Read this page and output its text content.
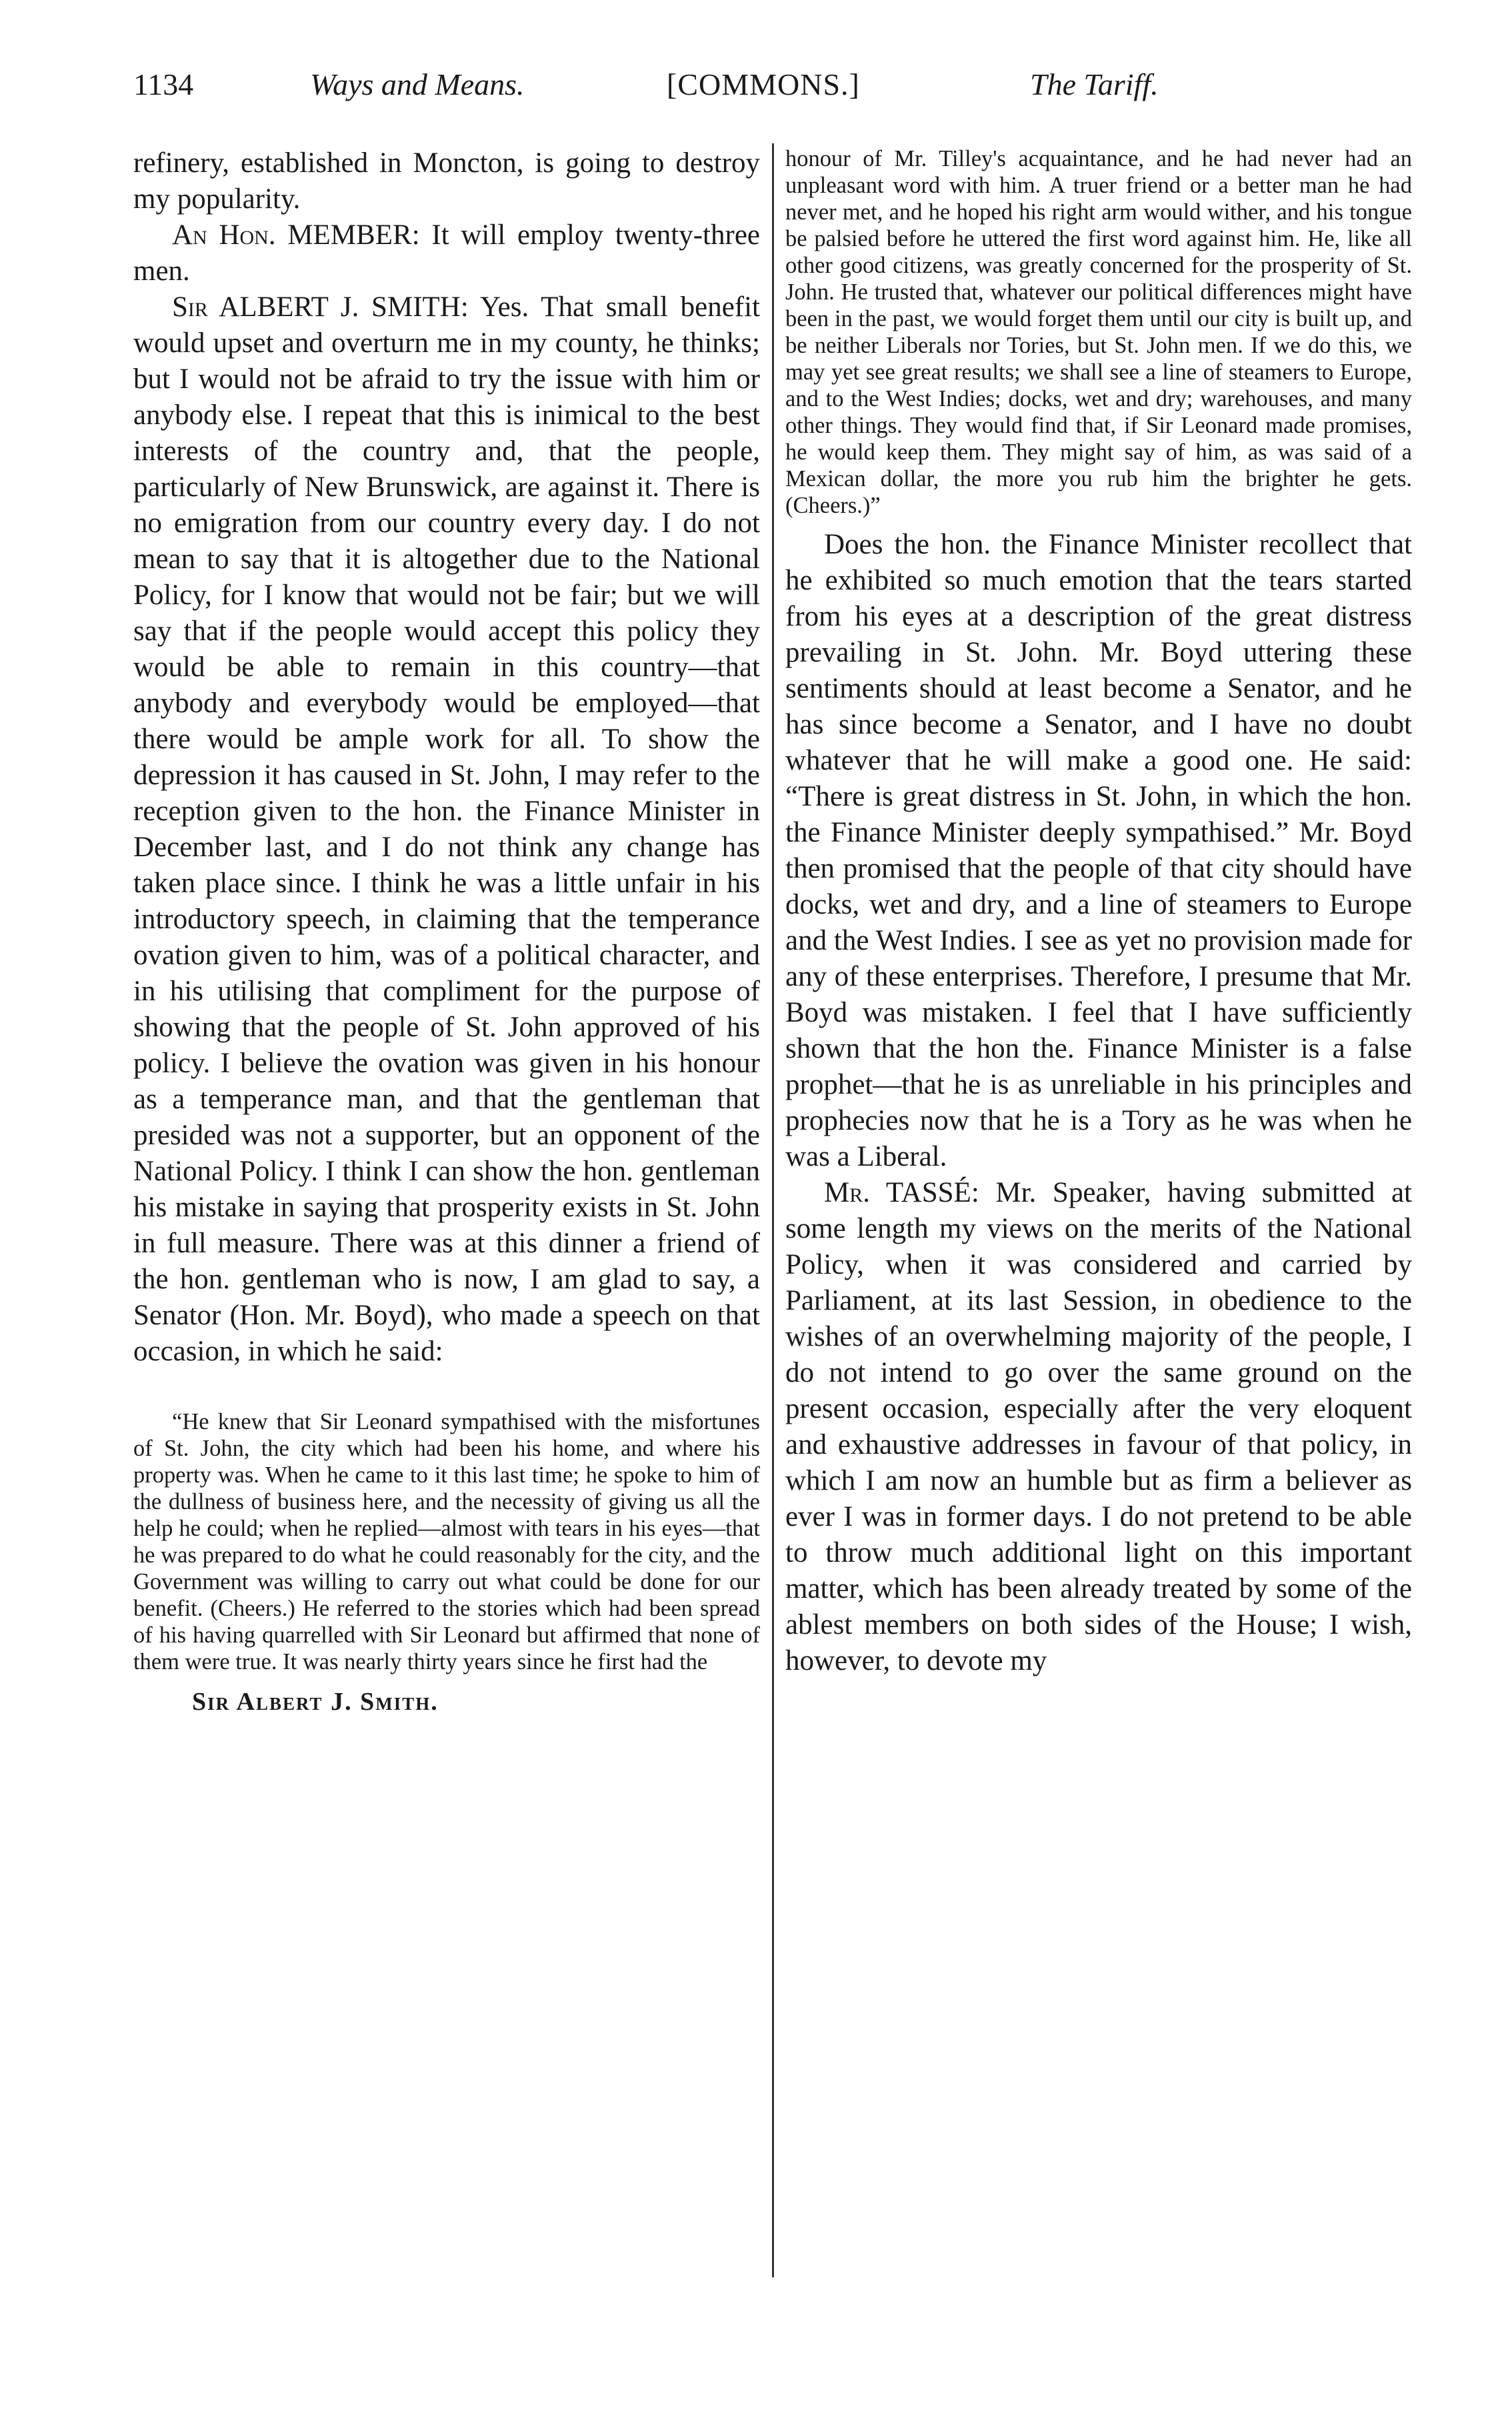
1134	Ways and Means.	[COMMONS.]	The Tariff.

refinery, established in Moncton, is going to destroy my popularity.

An Hon. MEMBER: It will employ twenty-three men.

Sir ALBERT J. SMITH: Yes. That small benefit would upset and overturn me in my county, he thinks; but I would not be afraid to try the issue with him or anybody else. I repeat that this is inimical to the best interests of the country and, that the people, particularly of New Brunswick, are against it. There is no emigration from our country every day. I do not mean to say that it is altogether due to the National Policy, for I know that would not be fair; but we will say that if the people would accept this policy they would be able to remain in this country—that anybody and everybody would be employed—that there would be ample work for all. To show the depression it has caused in St. John, I may refer to the reception given to the hon. the Finance Minister in December last, and I do not think any change has taken place since. I think he was a little unfair in his introductory speech, in claiming that the temperance ovation given to him, was of a political character, and in his utilising that compliment for the purpose of showing that the people of St. John approved of his policy. I believe the ovation was given in his honour as a temperance man, and that the gentleman that presided was not a supporter, but an opponent of the National Policy. I think I can show the hon. gentleman his mistake in saying that prosperity exists in St. John in full measure. There was at this dinner a friend of the hon. gentleman who is now, I am glad to say, a Senator (Hon. Mr. Boyd), who made a speech on that occasion, in which he said:

“He knew that Sir Leonard sympathised with the misfortunes of St. John, the city which had been his home, and where his property was. When he came to it this last time; he spoke to him of the dullness of business here, and the necessity of giving us all the help he could; when he replied—almost with tears in his eyes—that he was prepared to do what he could reasonably for the city, and the Government was willing to carry out what could be done for our benefit. (Cheers.) He referred to the stories which had been spread of his having quarrelled with Sir Leonard but affirmed that none of them were true. It was nearly thirty years since he first had the

Sir Albert J. Smith.

honour of Mr. Tilley's acquaintance, and he had never had an unpleasant word with him. A truer friend or a better man he had never met, and he hoped his right arm would wither, and his tongue be palsied before he uttered the first word against him. He, like all other good citizens, was greatly concerned for the prosperity of St. John. He trusted that, whatever our political differences might have been in the past, we would forget them until our city is built up, and be neither Liberals nor Tories, but St. John men. If we do this, we may yet see great results; we shall see a line of steamers to Europe, and to the West Indies; docks, wet and dry; warehouses, and many other things. They would find that, if Sir Leonard made promises, he would keep them. They might say of him, as was said of a Mexican dollar, the more you rub him the brighter he gets. (Cheers.)”

Does the hon. the Finance Minister recollect that he exhibited so much emotion that the tears started from his eyes at a description of the great distress prevailing in St. John. Mr. Boyd uttering these sentiments should at least become a Senator, and he has since become a Senator, and I have no doubt whatever that he will make a good one. He said: “There is great distress in St. John, in which the hon. the Finance Minister deeply sympathised.” Mr. Boyd then promised that the people of that city should have docks, wet and dry, and a line of steamers to Europe and the West Indies. I see as yet no provision made for any of these enterprises. Therefore, I presume that Mr. Boyd was mistaken. I feel that I have sufficiently shown that the hon the. Finance Minister is a false prophet—that he is as unreliable in his principles and prophecies now that he is a Tory as he was when he was a Liberal.

Mr. TASSÉ: Mr. Speaker, having submitted at some length my views on the merits of the National Policy, when it was considered and carried by Parliament, at its last Session, in obedience to the wishes of an overwhelming majority of the people, I do not intend to go over the same ground on the present occasion, especially after the very eloquent and exhaustive addresses in favour of that policy, in which I am now an humble but as firm a believer as ever I was in former days. I do not pretend to be able to throw much additional light on this important matter, which has been already treated by some of the ablest members on both sides of the House; I wish, however, to devote my
